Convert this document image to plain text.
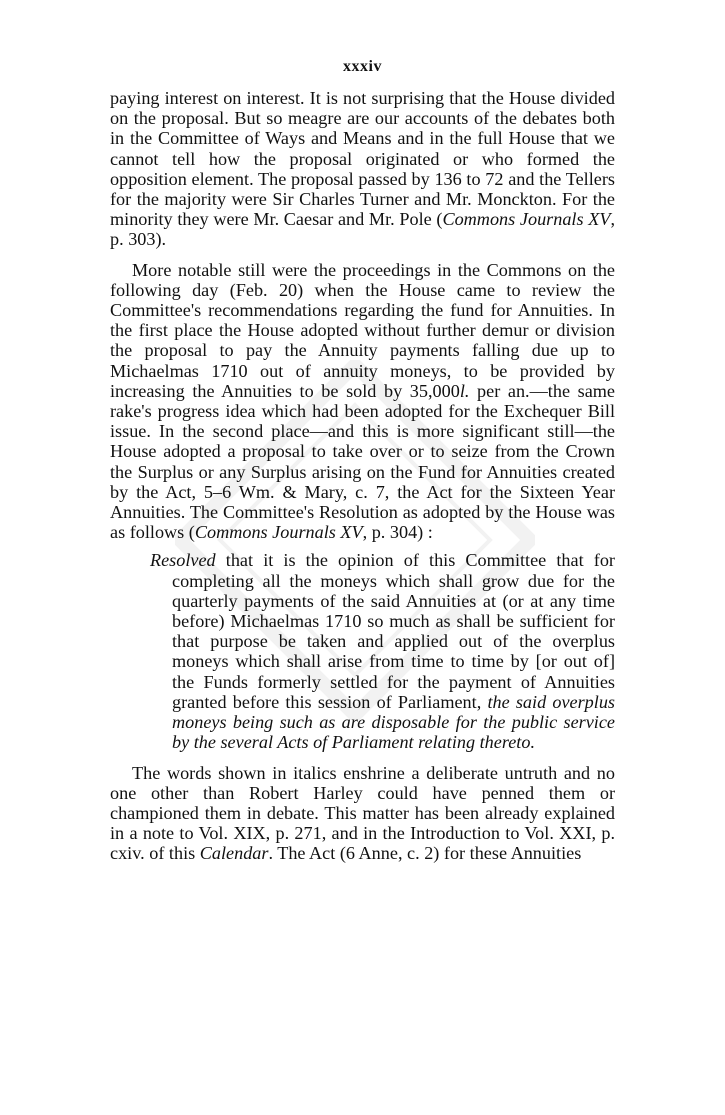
xxxiv

paying interest on interest. It is not surprising that the House divided on the proposal. But so meagre are our accounts of the debates both in the Committee of Ways and Means and in the full House that we cannot tell how the proposal originated or who formed the opposition element. The proposal passed by 136 to 72 and the Tellers for the majority were Sir Charles Turner and Mr. Monckton. For the minority they were Mr. Caesar and Mr. Pole (Commons Journals XV, p. 303).

More notable still were the proceedings in the Commons on the following day (Feb. 20) when the House came to review the Committee's recommendations regarding the fund for Annuities. In the first place the House adopted without further demur or division the proposal to pay the Annuity payments falling due up to Michaelmas 1710 out of annuity moneys, to be provided by increasing the Annuities to be sold by 35,000l. per an.—the same rake's progress idea which had been adopted for the Exchequer Bill issue. In the second place—and this is more significant still—the House adopted a proposal to take over or to seize from the Crown the Surplus or any Surplus arising on the Fund for Annuities created by the Act, 5–6 Wm. & Mary, c. 7, the Act for the Sixteen Year Annuities. The Committee's Resolution as adopted by the House was as follows (Commons Journals XV, p. 304) :

Resolved that it is the opinion of this Committee that for completing all the moneys which shall grow due for the quarterly payments of the said Annuities at (or at any time before) Michaelmas 1710 so much as shall be sufficient for that purpose be taken and applied out of the overplus moneys which shall arise from time to time by [or out of] the Funds formerly settled for the payment of Annuities granted before this session of Parliament, the said overplus moneys being such as are disposable for the public service by the several Acts of Parliament relating thereto.

The words shown in italics enshrine a deliberate untruth and no one other than Robert Harley could have penned them or championed them in debate. This matter has been already explained in a note to Vol. XIX, p. 271, and in the Introduction to Vol. XXI, p. cxiv. of this Calendar. The Act (6 Anne, c. 2) for these Annuities
